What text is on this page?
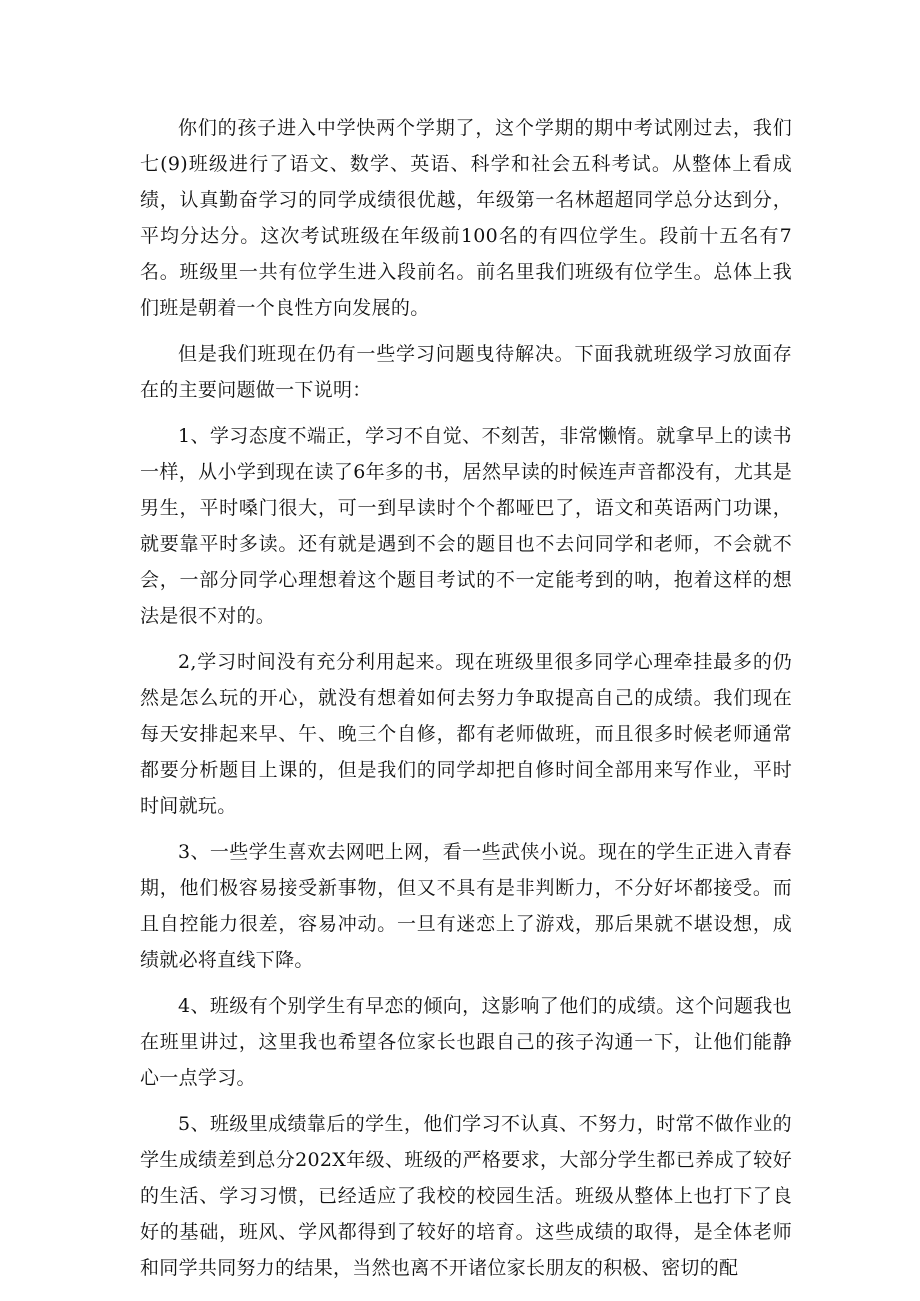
你们的孩子进入中学快两个学期了，这个学期的期中考试刚过去，我们七(9)班级进行了语文、数学、英语、科学和社会五科考试。从整体上看成绩，认真勤奋学习的同学成绩很优越，年级第一名林超超同学总分达到分，平均分达分。这次考试班级在年级前100名的有四位学生。段前十五名有7名。班级里一共有位学生进入段前名。前名里我们班级有位学生。总体上我们班是朝着一个良性方向发展的。

但是我们班现在仍有一些学习问题曳待解决。下面我就班级学习放面存在的主要问题做一下说明：

1、学习态度不端正，学习不自觉、不刻苦，非常懒惰。就拿早上的读书一样，从小学到现在读了6年多的书，居然早读的时候连声音都没有，尤其是男生，平时嗓门很大，可一到早读时个个都哑巴了，语文和英语两门功课，就要靠平时多读。还有就是遇到不会的题目也不去问同学和老师，不会就不会，一部分同学心理想着这个题目考试的不一定能考到的呐，抱着这样的想法是很不对的。

2,学习时间没有充分利用起来。现在班级里很多同学心理牵挂最多的仍然是怎么玩的开心，就没有想着如何去努力争取提高自己的成绩。我们现在每天安排起来早、午、晚三个自修，都有老师做班，而且很多时候老师通常都要分析题目上课的，但是我们的同学却把自修时间全部用来写作业，平时时间就玩。

3、一些学生喜欢去网吧上网，看一些武侠小说。现在的学生正进入青春期，他们极容易接受新事物，但又不具有是非判断力，不分好坏都接受。而且自控能力很差，容易冲动。一旦有迷恋上了游戏，那后果就不堪设想，成绩就必将直线下降。

4、班级有个别学生有早恋的倾向，这影响了他们的成绩。这个问题我也在班里讲过，这里我也希望各位家长也跟自己的孩子沟通一下，让他们能静心一点学习。

5、班级里成绩靠后的学生，他们学习不认真、不努力，时常不做作业的学生成绩差到总分202X年级、班级的严格要求，大部分学生都已养成了较好的生活、学习习惯，已经适应了我校的校园生活。班级从整体上也打下了良好的基础，班风、学风都得到了较好的培育。这些成绩的取得，是全体老师和同学共同努力的结果，当然也离不开诸位家长朋友的积极、密切的配
